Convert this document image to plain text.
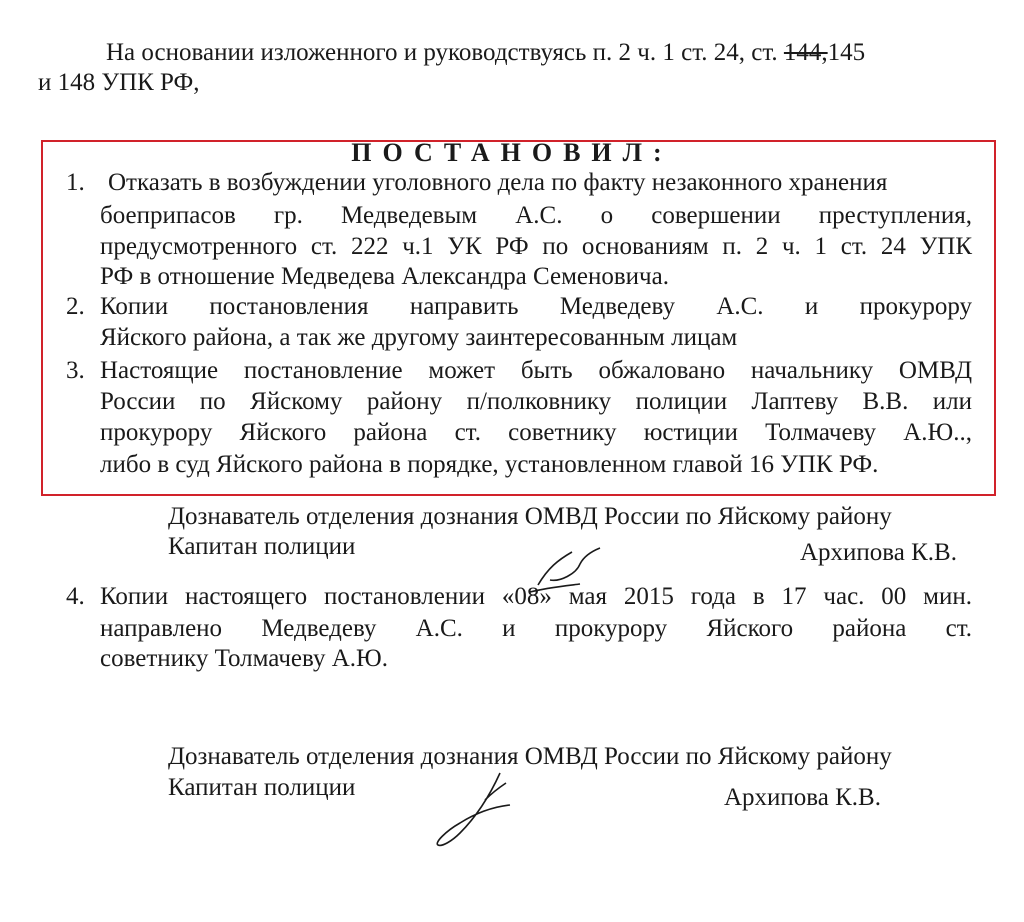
На основании изложенного и руководствуясь п. 2 ч. 1 ст. 24, ст. 144,145
и 148 УПК РФ,
ПОСТАНОВИЛ:
1. Отказать в возбуждении уголовного дела по факту незаконного хранения
боеприпасов гр. Медведевым А.С. о совершении преступления,
предусмотренного ст. 222 ч.1 УК РФ по основаниям п. 2 ч. 1 ст. 24 УПК
РФ в отношение Медведева Александра Семеновича.
2. Копии постановления направить Медведеву А.С. и прокурору
Яйского района, а так же другому заинтересованным лицам
3. Настоящие постановление может быть обжаловано начальнику ОМВД
России по Яйскому району п/полковнику полиции Лаптеву В.В. или
прокурору Яйского района ст. советнику юстиции Толмачеву А.Ю..,
либо в суд Яйского района в порядке, установленном главой 16 УПК РФ.
Дознаватель отделения дознания ОМВД России по Яйскому району
Капитан полиции	Архипова К.В.
4. Копии настоящего постановлении «08» мая 2015 года в 17 час. 00 мин.
направлено Медведеву А.С. и прокурору Яйского района ст.
советнику Толмачеву А.Ю.
Дознаватель отделения дознания ОМВД России по Яйскому району
Капитан полиции	Архипова К.В.
